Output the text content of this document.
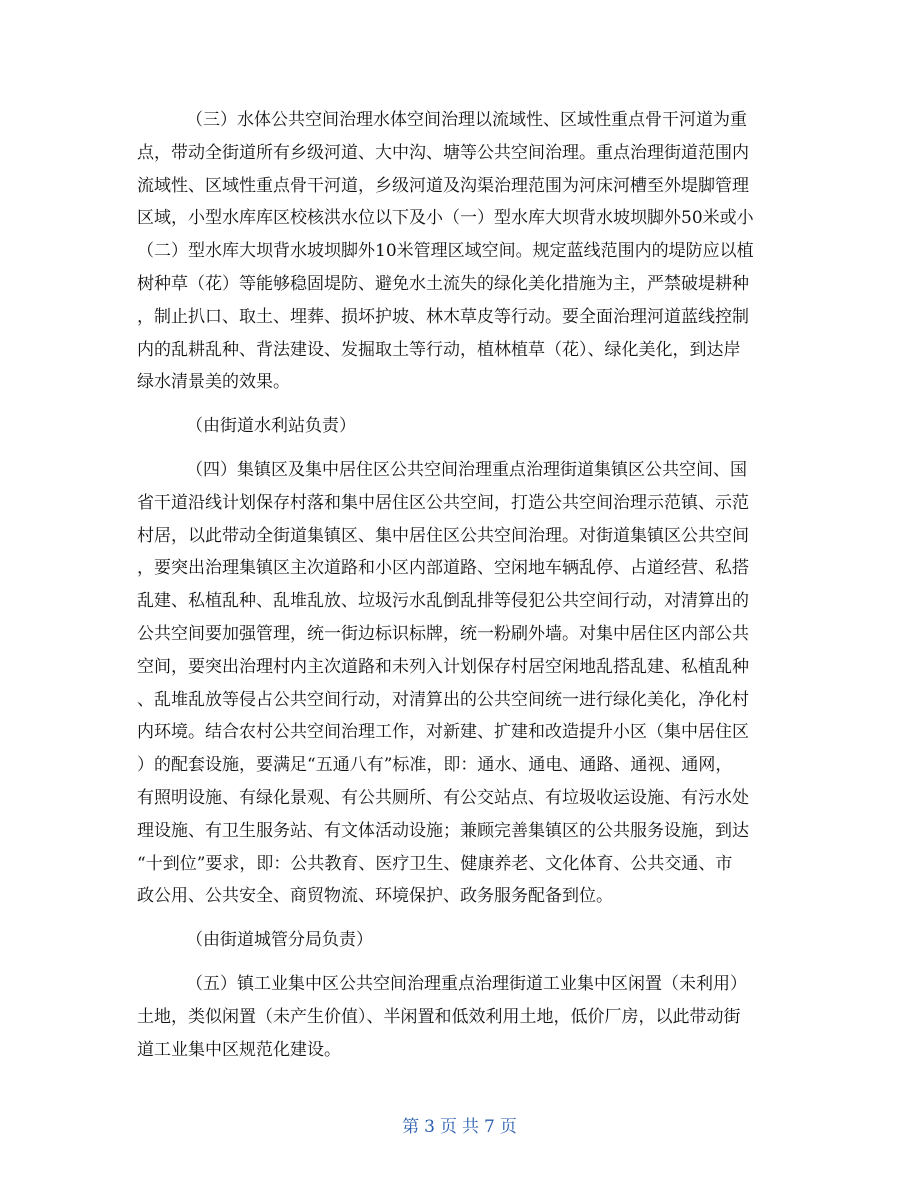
（三）水体公共空间治理水体空间治理以流域性、区域性重点骨干河道为重
点，带动全街道所有乡级河道、大中沟、塘等公共空间治理。重点治理街道范围内
流域性、区域性重点骨干河道，乡级河道及沟渠治理范围为河床河槽至外堤脚管理
区域，小型水库库区校核洪水位以下及小（一）型水库大坝背水坡坝脚外50米或小
（二）型水库大坝背水坡坝脚外10米管理区域空间。规定蓝线范围内的堤防应以植
树种草（花）等能够稳固堤防、避免水土流失的绿化美化措施为主，严禁破堤耕种
，制止扒口、取土、埋葬、损坏护坡、林木草皮等行动。要全面治理河道蓝线控制
内的乱耕乱种、背法建设、发掘取土等行动，植林植草（花）、绿化美化，到达岸
绿水清景美的效果。
（由街道水利站负责）
（四）集镇区及集中居住区公共空间治理重点治理街道集镇区公共空间、国
省干道沿线计划保存村落和集中居住区公共空间，打造公共空间治理示范镇、示范
村居，以此带动全街道集镇区、集中居住区公共空间治理。对街道集镇区公共空间
，要突出治理集镇区主次道路和小区内部道路、空闲地车辆乱停、占道经营、私搭
乱建、私植乱种、乱堆乱放、垃圾污水乱倒乱排等侵犯公共空间行动，对清算出的
公共空间要加强管理，统一街边标识标牌，统一粉刷外墙。对集中居住区内部公共
空间，要突出治理村内主次道路和未列入计划保存村居空闲地乱搭乱建、私植乱种
、乱堆乱放等侵占公共空间行动，对清算出的公共空间统一进行绿化美化，净化村
内环境。结合农村公共空间治理工作，对新建、扩建和改造提升小区（集中居住区
）的配套设施，要满足“五通八有”标准，即：通水、通电、通路、通视、通网，
有照明设施、有绿化景观、有公共厕所、有公交站点、有垃圾收运设施、有污水处
理设施、有卫生服务站、有文体活动设施；兼顾完善集镇区的公共服务设施，到达
“十到位”要求，即：公共教育、医疗卫生、健康养老、文化体育、公共交通、市
政公用、公共安全、商贸物流、环境保护、政务服务配备到位。
（由街道城管分局负责）
（五）镇工业集中区公共空间治理重点治理街道工业集中区闲置（未利用）
土地，类似闲置（未产生价值）、半闲置和低效利用土地，低价厂房，以此带动街
道工业集中区规范化建设。
第 3 页 共 7 页
